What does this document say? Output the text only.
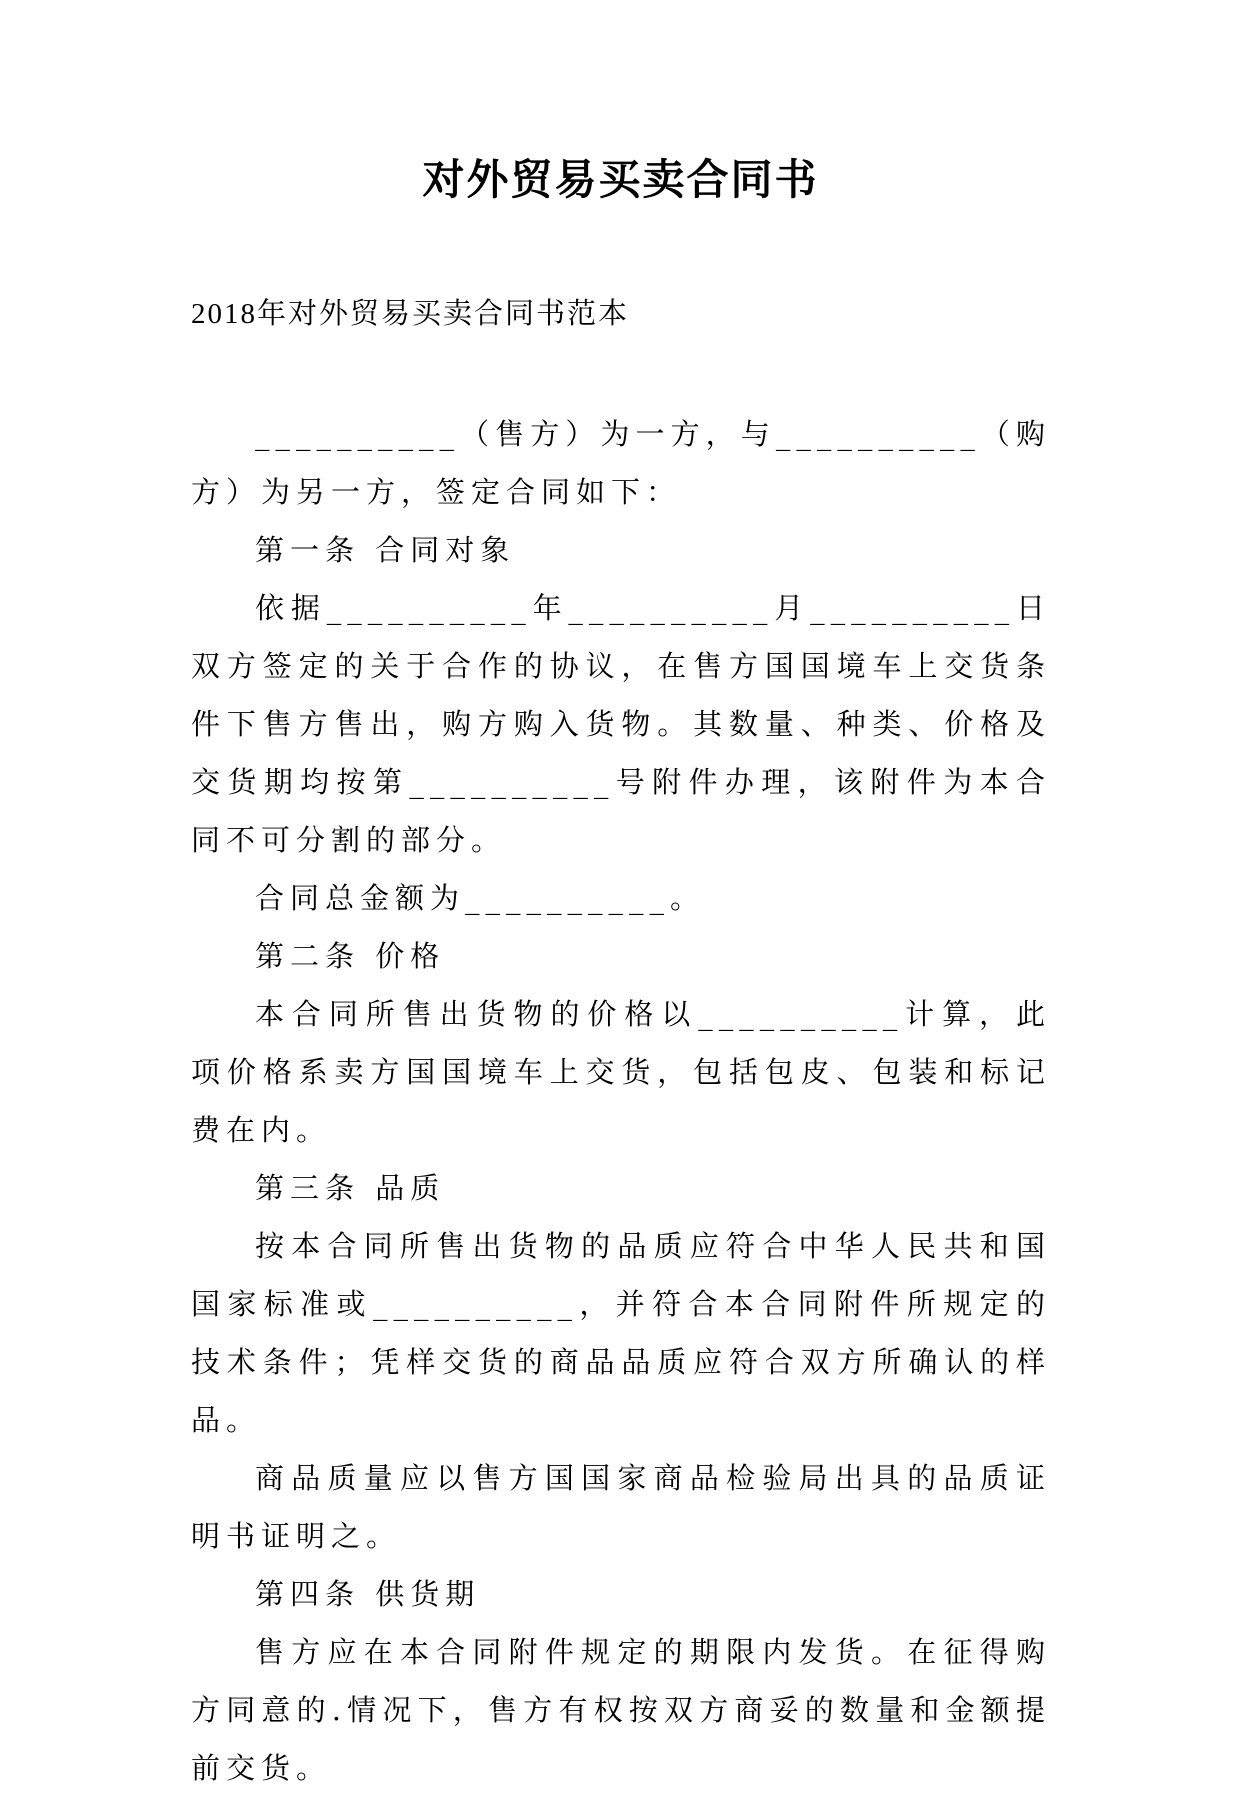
对外贸易买卖合同书
2018年对外贸易买卖合同书范本

__________（售方）为一方，与__________（购方）为另一方，签定合同如下：

第一条 合同对象

依据__________年__________月__________日双方签定的关于合作的协议，在售方国国境车上交货条件下售方售出，购方购入货物。其数量、种类、价格及交货期均按第__________号附件办理，该附件为本合同不可分割的部分。

合同总金额为__________。

第二条 价格

本合同所售出货物的价格以__________计算，此项价格系卖方国国境车上交货，包括包皮、包装和标记费在内。

第三条 品质

按本合同所售出货物的品质应符合中华人民共和国国家标准或__________，并符合本合同附件所规定的技术条件；凭样交货的商品品质应符合双方所确认的样品。

商品质量应以售方国国家商品检验局出具的品质证明书证明之。

第四条 供货期

售方应在本合同附件规定的期限内发货。在征得购方同意的.情况下，售方有权按双方商妥的数量和金额提前交货。
